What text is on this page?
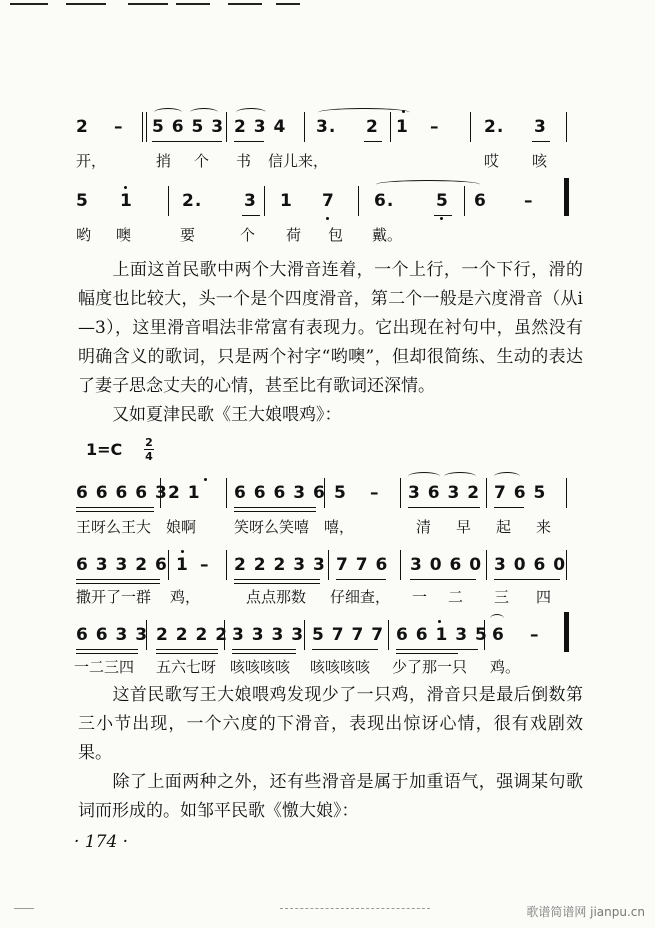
2 – 5 6 5 3 2 3 4 3. 2 1 –	2. 3
开，	捎 个 书 信儿来，	哎 咳
5 1	2. 3 1 7 6. 5 6 –
哟 噢	要	个 荷 包 戴。
上面这首民歌中两个大滑音连着，一个上行，一个下行，滑的幅度也比较大，头一个是个四度滑音，第二个一般是六度滑音（从i—3），这里滑音唱法非常富有表现力。它出现在衬句中，虽然没有明确含义的歌词，只是两个衬字“哟噢”，但却很简练、生动的表达了妻子思念丈夫的心情，甚至比有歌词还深情。
又如夏津民歌《王大娘喂鸡》：
1=C 2
4
6 6 6 6 3 2 1 6 6 6 3 6 5 – 3 6 3 2 7 6 5
王呀么王大 娘啊	笑呀么笑嘻 嘻，	清 早 起 来
6 3 3 2 6 1 – 2 2 2 3 3 7 7 6 3 0 6 0 3 0 6 0
撒开了一群 鸡，	点点那数 仔细查， 一 二 三 四
6 6 3 3 2 2 2 2 3 3 3 3 5 7 7 7 6 6 1 3 5 6 –
一二三四 五六七呀 咳咳咳咳 咳咳咳咳 少了那一只 鸡。
这首民歌写王大娘喂鸡发现少了一只鸡，滑音只是最后倒数第三小节出现，一个六度的下滑音，表现出惊讶心情，很有戏剧效果。
除了上面两种之外，还有些滑音是属于加重语气，强调某句歌词而形成的。如邹平民歌《憿大娘》：
· 174 ·
歌谱简谱网 jianpu.cn
